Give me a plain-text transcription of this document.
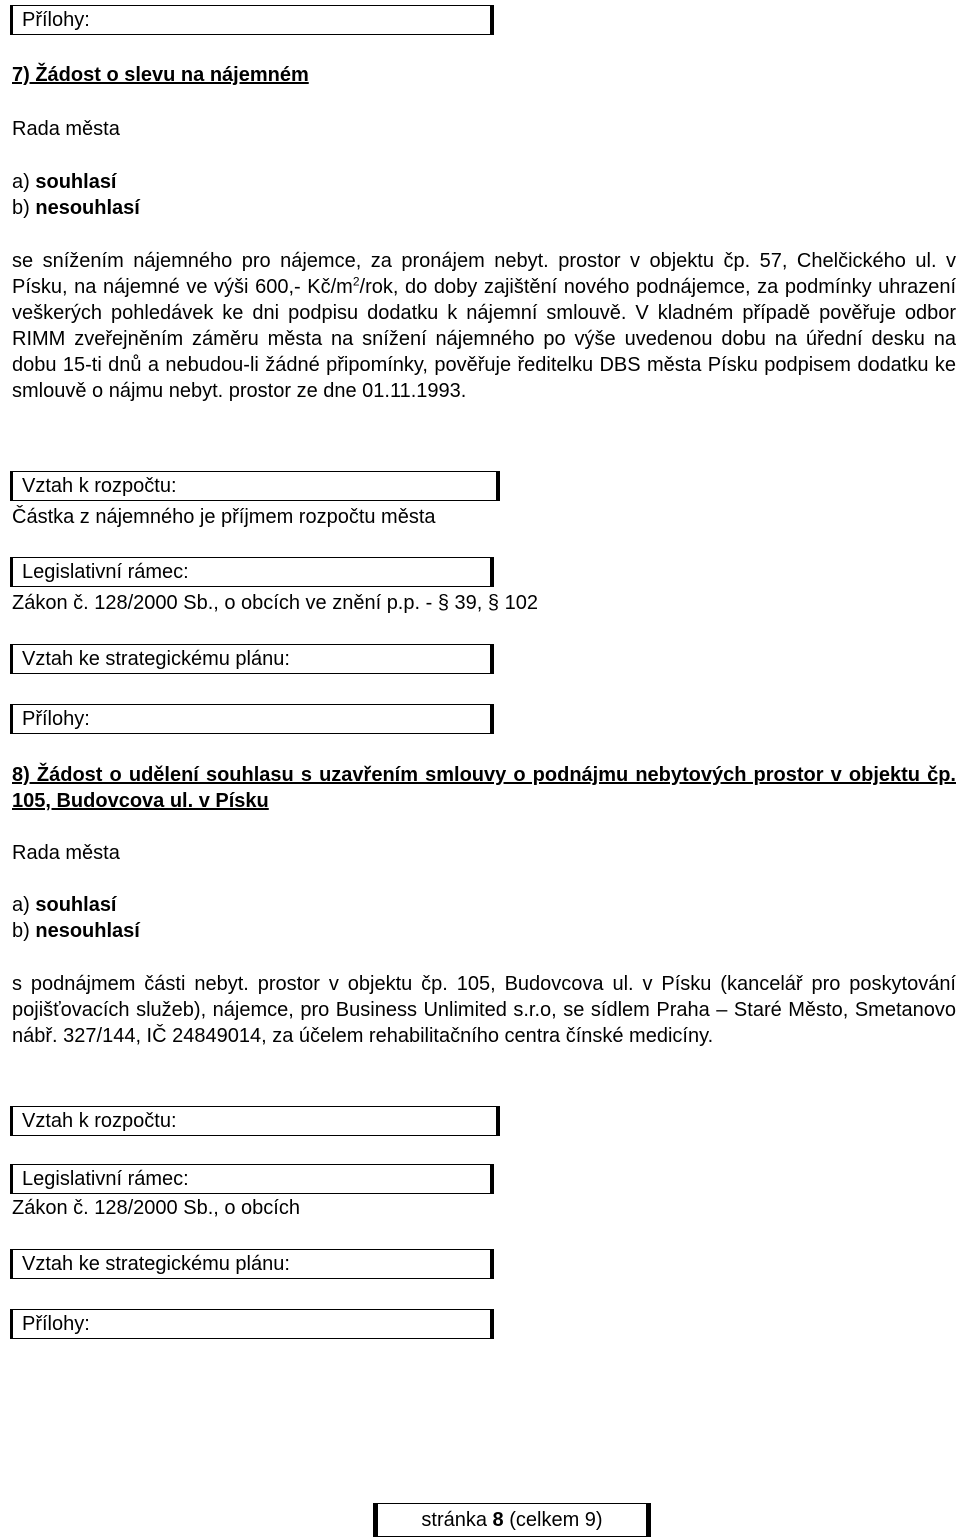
Přílohy:
7) Žádost o slevu na nájemném
Rada města
a) souhlasí
b) nesouhlasí
se snížením nájemného pro nájemce, za pronájem nebyt. prostor v objektu čp. 57, Chelčického ul. v Písku, na nájemné ve výši 600,- $Kč/m^2$/rok, do doby zajištění nového podnájemce, za podmínky uhrazení veškerých pohledávek ke dni podpisu dodatku k nájemní smlouvě. V kladném případě pověřuje odbor RIMM zveřejněním záměru města na snížení nájemného po výše uvedenou dobu na úřední desku na dobu 15-ti dnů a nebudou-li žádné připomínky, pověřuje ředitelku DBS města Písku podpisem dodatku ke smlouvě o nájmu nebyt. prostor ze dne 01.11.1993.
Vztah k rozpočtu:
Částka z nájemného je příjmem rozpočtu města
Legislativní rámec:
Zákon č. 128/2000 Sb., o obcích ve znění p.p. - § 39, § 102
Vztah ke strategickému plánu:
Přílohy:
8) Žádost o udělení souhlasu s uzavřením smlouvy o podnájmu nebytových prostor v objektu čp. 105, Budovcova ul. v Písku
Rada města
a) souhlasí
b) nesouhlasí
s podnájmem části nebyt. prostor v objektu čp. 105, Budovcova ul. v Písku (kancelář pro poskytování pojišťovacích služeb), nájemce, pro Business Unlimited s.r.o, se sídlem Praha – Staré Město, Smetanovo nábř. 327/144, IČ 24849014, za účelem rehabilitačního centra čínské medicíny.
Vztah k rozpočtu:
Legislativní rámec:
Zákon č. 128/2000 Sb., o obcích
Vztah ke strategickému plánu:
Přílohy:
stránka 8 (celkem 9)
